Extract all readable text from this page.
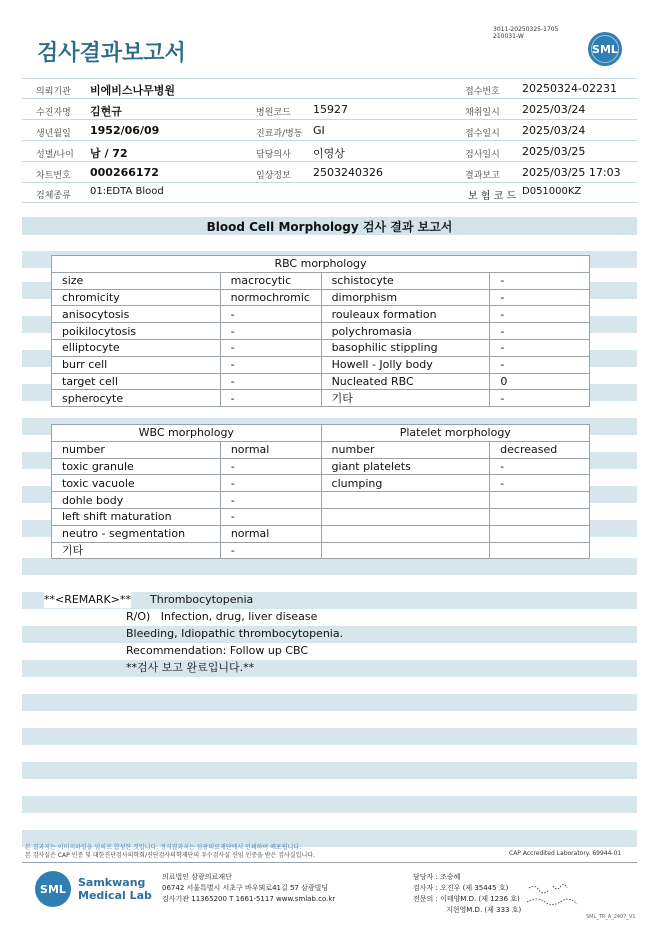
검사결과보고서
3011-20250325-1705
210031-W
SML
의뢰기관 비에비스나무병원	접수번호 20250324-02231
수진자명 김현규	병원코드 15927	채취일시 2025/03/24
생년월일 1952/06/09	진료과/병동 GI	접수일시 2025/03/24
성별/나이 남 / 72	담당의사 이영상	검사일시 2025/03/25
차트번호 000266172	임상정보 2503240326	결과보고 2025/03/25 17:03
검체종류 01:EDTA Blood	보 험 코 드 D051000KZ
Blood Cell Morphology 검사 결과 보고서
RBC morphology			
size	macrocytic	schistocyte	-
chromicity	normochromic	dimorphism	-
anisocytosis	-	rouleaux formation	-
poikilocytosis	-	polychromasia	-
elliptocyte	-	basophilic stippling	-
burr cell	-	Howell - Jolly body	-
target cell	-	Nucleated RBC	0
spherocyte	-	기타	-
WBC morphology		Platelet morphology	
number	normal	number	decreased
toxic granule	-	giant platelets	-
toxic vacuole	-	clumping	-
dohle body	-		
left shift maturation	-		
neutro - segmentation	normal		
기타	-		
**<REMARK>** Thrombocytopenia
R/O)   Infection, drug, liver disease
Bleeding, Idiopathic thrombocytopenia.
Recommendation: Follow up CBC
**검사 보고 완료입니다.**
본 결과지는 이미지파일을 임의로 합성한 것입니다. 정식결과지는 삼광의료재단에서 인쇄하여 배포됩니다.
본 검사실은 CAP 인증 및 대한진단검사의학회/진단검사의학재단의 우수검사실 신임 인증을 받은 검사실입니다.	CAP Accredited Laboratory. 69944-01
SML	Samkwang
Medical Lab
의료법인 삼광의료재단
06742 서울특별시 서초구 바우뫼로41길 57 삼광빌딩
검사기관 11365200 T 1661-5117 www.smlab.co.kr
담당자 : 조승혜
검사자 : 오진우 (제 35445 호)
전문의 : 이태양M.D. (제 1236 호)
지현영M.D. (제 333 호)
SML_TR_A_2407_V1
